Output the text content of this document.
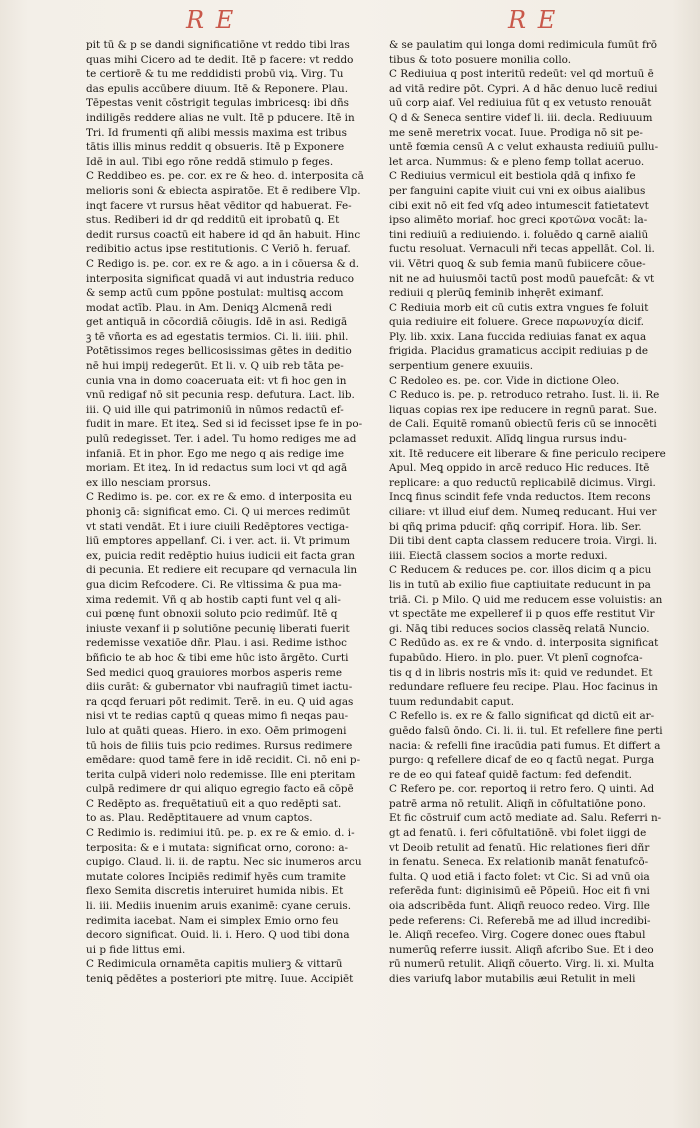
R E	R E
pit tū & p se dandi significatiōne vt reddo tibi lras
quas mihi Cicero ad te dedit. Itē p facere: vt reddo
te certiorē & tu me reddidisti probū viꝝ. Virg. Tu
das epulis accūbere diuum. Itē & Reponere. Plau.
Tēpestas venit cōstrigit tegulas imbricesꝗ: ibi dñs
indiligēs reddere alias ne vult. Itē p pducere. Itē in
Tri. Id frumenti qñ alibi messis maxima est tribus
tātis illis minus reddit q obsueris. Itē p Exponere
Idē in aul. Tibi ego rōne reddā stimulo p feges.
C Reddibeo es. pe. cor. ex re & heo. d. interposita cā
melioris soni & ebiecta aspiratōe. Et ē redibere Vlp.
inqt facere vt rursus hēat vēditor qd habuerat. Fe-
stus. Rediberi id dr qd redditū eit iprobatū ꝗ. Et
dedit rursus coactū eit habere id qd ān habuit. Hinc
redibitio actus ipse restitutionis. C Veriō h. feruaf.
C Redigo is. pe. cor. ex re & ago. a in i cōuersa & d.
interposita significat quadā vi aut industria reduco
& semp actū cum ppōne postulat: multisꝗ accom
modat actīb. Plau. in Am. Deniqꝫ Alcmenā redi
get antiquā in cōcordiā cōiugis. Idē in asi. Redigā
ꝫ tē vñorta es ad egestatis termios. Ci. li. iiii. phil.
Potētissimos reges bellicosissimas gētes in deditio
nē hui impij redegerūt. Et li. v. Q uib reb tāta pe-
cunia vna in domo coaceruata eit: vt fi hoc gen in
vnū redigaf nō sit pecunia resp. defutura. Lact. lib.
iii. Q uid ille qui patrimoniū in nūmos redactū ef-
fudit in mare. Et iteꝝ. Sed si id fecisset ipse fe in po-
pulū redegisset. Ter. i adel. Tu homo rediges me ad
infaniā. Et in phor. Ego me nego q ais redige ime
moriam. Et iteꝝ. In id redactus sum loci vt qd agā
ex illo nesciam prorsus.
C Redimo is. pe. cor. ex re & emo. d interposita eu
phoniꝫ cā: significat emo. Ci. Q ui merces redimūt
vt stati vendāt. Et i iure ciuili Redēptores vectiga-
liū emptores appellanf. Ci. i ver. act. ii. Vt primum
ex, puicia redit redēptio huius iudicii eit facta gran
di pecunia. Et rediere eit recupare qd vernacula lin
gua dicim Refcodere. Ci. Re vltissima & pua ma-
xima redemit. Vñ q ab hostib capti funt vel q ali-
cui pœnę funt obnoxii soluto pcio redimūf. Itē q
iniuste vexanf ii p solutiōne pecunię liberati fuerit
redemisse vexatiōe dñr. Plau. i asi. Redime isthoc
bñficio te ab hoc & tibi eme hūc isto ārgēto. Curti
Sed medici quoꝗ grauiores morbos asperis reme
diis curāt: & gubernator vbi naufragiū timet iactu-
ra qcqd feruari pōt redimit. Terē. in eu. Q uid agas
nisi vt te redias captū q queas mimo fi neqas pau-
lulo at quāti queas. Hiero. in exo. Oēm primogeni
tū hois de filiis tuis pcio redimes. Rursus redimere
emēdare: quod tamē fere in idē recidit. Ci. nō eni p-
terita culpā videri nolo redemisse. Ille eni pteritam
culpā redimere dr qui aliquo egregio facto eā cōpē
C Redēpto as. frequētatiuū eit a quo redēpti sat.
to as. Plau. Redēptitauere ad vnum captos.
C Redimio is. redimiui itū. pe. p. ex re & emio. d. i-
terposita: & e i mutata: significat orno, corono: a-
cupigo. Claud. li. ii. de raptu. Nec sic inumeros arcu
mutate colores Incipiēs redimif hyēs cum tramite
flexo Semita discretis interuiret humida nibis. Et
li. iii. Mediis inuenim aruis exanimē: cyane ceruis.
redimita iacebat. Nam ei simplex Emio orno feu
decoro significat. Ouid. li. i. Hero. Q uod tibi dona
ui p fide littus emi.
C Redimicula ornamēta capitis mulierꝫ & vittarū
teniꝗ pēdētes a posteriori pte mitrę. Iuue. Accipiēt
& se paulatim qui longa domi redimicula fumūt frō
tibus & toto posuere monilia collo.
C Rediuiua q post interitū redeūt: vel qd mortuū ē
ad vitā redire pōt. Cypri. A d hāc denuo lucē rediui
uū corp aiaf. Vel rediuiua fūt q ex vetusto renouāt
Q d & Seneca sentire videf li. iii. decla. Rediuuum
me senē meretrix vocat. Iuue. Prodiga nō sit pe-
untē fœmia censū A c velut exhausta rediuiū pullu-
let arca. Nummus: & e pleno femp tollat aceruo.
C Rediuius vermicul eit bestiola qdā q infixo fe
per fanguini capite viuit cui vni ex oibus aialibus
cibi exit nō eit fed vſꝗ adeo intumescit fatietatevt
ipso alimēto moriaf. hoc greci κροτῶνα vocāt: la-
tini rediuiū a rediuiendo. i. foluēdo ꝗ carnē aialiū
fuctu resoluat. Vernaculi nři tecas appellāt. Col. li.
vii. Vētri quoꝗ & sub femia manū fubiicere cōue-
nit ne ad huiusmōi tactū post modū pauefcāt: & vt
rediuii q plerūꝗ feminib inhęrēt eximanf.
C Rediuia morb eit cū cutis extra vngues fe foluit
quia rediuire eit foluere. Grece παρωνυχία dicif.
Ply. lib. xxix. Lana fuccida rediuias fanat ex aqua
frigida. Placidus gramaticus accipit rediuias p de
serpentium genere exuuiis.
C Redoleo es. pe. cor. Vide in dictione Oleo.
C Reduco is. pe. p. retroduco retraho. Iust. li. ii. Re
liquas copias rex ipe reducere in regnū parat. Sue.
de Cali. Equitē romanū obiectū feris cū se innocēti
pclamasset reduxit. Alīdꝗ lingua rursus indu-
xit. Itē reducere eit liberare & fine periculo recipere
Apul. Meꝗ oppido in arcē reduco Hic reduces. Itē
replicare: a quo reductū replicabilē dicimus. Virgi.
Incꝗ finus scindit fefe vnda reductos. Item recons
ciliare: vt illud eiuf dem. Numeꝗ reducant. Hui ver
bi qñꝗ prima pducif: qñꝗ corripif. Hora. lib. Ser.
Dii tibi dent capta classem reducere troia. Virgi. li.
iiii. Eiectā classem socios a morte reduxi.
C Reducem & reduces pe. cor. illos dicim q a picu
lis in tutū ab exilio fiue captiuitate reducunt in pa
triā. Ci. p Milo. Q uid me reducem esse voluistis: an
vt spectāte me expelleref ii p quos effe restitut Vir
gi. Nāꝗ tibi reduces socios classēꝗ relatā Nuncio.
C Redūdo as. ex re & vndo. d. interposita significat
fupabūdo. Hiero. in plo. puer. Vt plenī cognofca-
tis q d in libris nostris mīs it: quid ve redundet. Et
redundare refluere feu recipe. Plau. Hoc facinus in
tuum redundabit caput.
C Refello is. ex re & fallo significat qd dictū eit ar-
guēdo falsū ōndo. Ci. li. ii. tul. Et refellere fine perti
nacia: & refelli fine iracūdia pati fumus. Et differt a
purgo: ꝗ refellere dicaf de eo q factū negat. Purga
re de eo qui fateaf quidē factum: fed defendit.
C Refero pe. cor. reportoꝗ ii retro fero. Q uinti. Ad
patrē arma nō retulit. Aliqñ in cōfultatiōne pono.
Et fic cōstruif cum actō mediate ad. Salu. Referri n-
gt ad fenatū. i. feri cōfultatiōnē. vbi folet iiggi de
vt Deoib retulit ad fenatū. Hic relationes fieri dñr
in fenatu. Seneca. Ex relationib manāt fenatufcō-
fulta. Q uod etiā i facto folet: vt Cic. Si ad vnū oia
referēda funt: diginisimū eē Pōpeiū. Hoc eit fi vni
oia adscribēda funt. Aliqñ reuoco redeo. Virg. Ille
pede referens: Ci. Referebā me ad illud incredibi-
le. Aliqñ recefeo. Virg. Cogere donec oues ftabul
numerūꝗ referre iussit. Aliqñ afcribo Sue. Et i deo
rū numerū retulit. Aliqñ cōuerto. Virg. li. xi. Multa
dies variufꝗ labor mutabilis æui Retulit in meli
